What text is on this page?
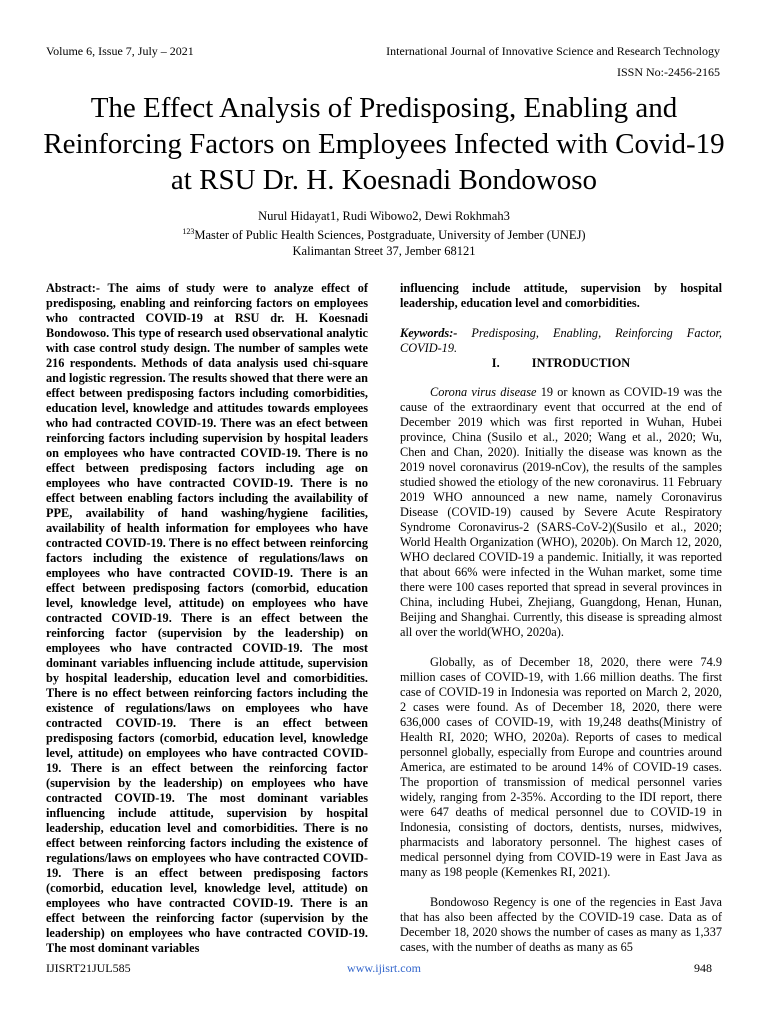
Volume 6, Issue 7, July – 2021	International Journal of Innovative Science and Research Technology
ISSN No:-2456-2165
The Effect Analysis of Predisposing, Enabling and Reinforcing Factors on Employees Infected with Covid-19 at RSU Dr. H. Koesnadi Bondowoso
Nurul Hidayat1, Rudi Wibowo2, Dewi Rokhmah3
$^{123}$Master of Public Health Sciences, Postgraduate, University of Jember (UNEJ)
Kalimantan Street 37, Jember 68121

Abstract:- The aims of study were to analyze effect of predisposing, enabling and reinforcing factors on employees who contracted COVID-19 at RSU dr. H. Koesnadi Bondowoso. This type of research used observational analytic with case control study design. The number of samples wete 216 respondents. Methods of data analysis used chi-square and logistic regression. The results showed that there were an effect between predisposing factors including comorbidities, education level, knowledge and attitudes towards employees who had contracted COVID-19. There was an efect between reinforcing factors including supervision by hospital leaders on employees who have contracted COVID-19. There is no effect between predisposing factors including age on employees who have contracted COVID-19. There is no effect between enabling factors including the availability of PPE, availability of hand washing/hygiene facilities, availability of health information for employees who have contracted COVID-19. There is no effect between reinforcing factors including the existence of regulations/laws on employees who have contracted COVID-19. There is an effect between predisposing factors (comorbid, education level, knowledge level, attitude) on employees who have contracted COVID-19. There is an effect between the reinforcing factor (supervision by the leadership) on employees who have contracted COVID-19. The most dominant variables influencing include attitude, supervision by hospital leadership, education level and comorbidities. There is no effect between reinforcing factors including the existence of regulations/laws on employees who have contracted COVID-19. There is an effect between predisposing factors (comorbid, education level, knowledge level, attitude) on employees who have contracted COVID-19. There is an effect between the reinforcing factor (supervision by the leadership) on employees who have contracted COVID-19. The most dominant variables influencing include attitude, supervision by hospital leadership, education level and comorbidities. There is no effect between reinforcing factors including the existence of regulations/laws on employees who have contracted COVID-19. There is an effect between predisposing factors (comorbid, education level, knowledge level, attitude) on employees who have contracted COVID-19. There is an effect between the reinforcing factor (supervision by the leadership) on employees who have contracted COVID-19. The most dominant variables

influencing include attitude, supervision by hospital leadership, education level and comorbidities.

Keywords:- Predisposing, Enabling, Reinforcing Factor, COVID-19.

I.	INTRODUCTION

Corona virus disease 19 or known as COVID-19 was the cause of the extraordinary event that occurred at the end of December 2019 which was first reported in Wuhan, Hubei province, China (Susilo et al., 2020; Wang et al., 2020; Wu, Chen and Chan, 2020). Initially the disease was known as the 2019 novel coronavirus (2019-nCov), the results of the samples studied showed the etiology of the new coronavirus. 11 February 2019 WHO announced a new name, namely Coronavirus Disease (COVID-19) caused by Severe Acute Respiratory Syndrome Coronavirus-2 (SARS-CoV-2)(Susilo et al., 2020; World Health Organization (WHO), 2020b). On March 12, 2020, WHO declared COVID-19 a pandemic. Initially, it was reported that about 66% were infected in the Wuhan market, some time there were 100 cases reported that spread in several provinces in China, including Hubei, Zhejiang, Guangdong, Henan, Hunan, Beijing and Shanghai. Currently, this disease is spreading almost all over the world(WHO, 2020a).

Globally, as of December 18, 2020, there were 74.9 million cases of COVID-19, with 1.66 million deaths. The first case of COVID-19 in Indonesia was reported on March 2, 2020, 2 cases were found. As of December 18, 2020, there were 636,000 cases of COVID-19, with 19,248 deaths(Ministry of Health RI, 2020; WHO, 2020a). Reports of cases to medical personnel globally, especially from Europe and countries around America, are estimated to be around 14% of COVID-19 cases. The proportion of transmission of medical personnel varies widely, ranging from 2-35%. According to the IDI report, there were 647 deaths of medical personnel due to COVID-19 in Indonesia, consisting of doctors, dentists, nurses, midwives, pharmacists and laboratory personnel. The highest cases of medical personnel dying from COVID-19 were in East Java as many as 198 people (Kemenkes RI, 2021).

Bondowoso Regency is one of the regencies in East Java that has also been affected by the COVID-19 case. Data as of December 18, 2020 shows the number of cases as many as 1,337 cases, with the number of deaths as many as 65

IJISRT21JUL585	www.ijisrt.com	948
